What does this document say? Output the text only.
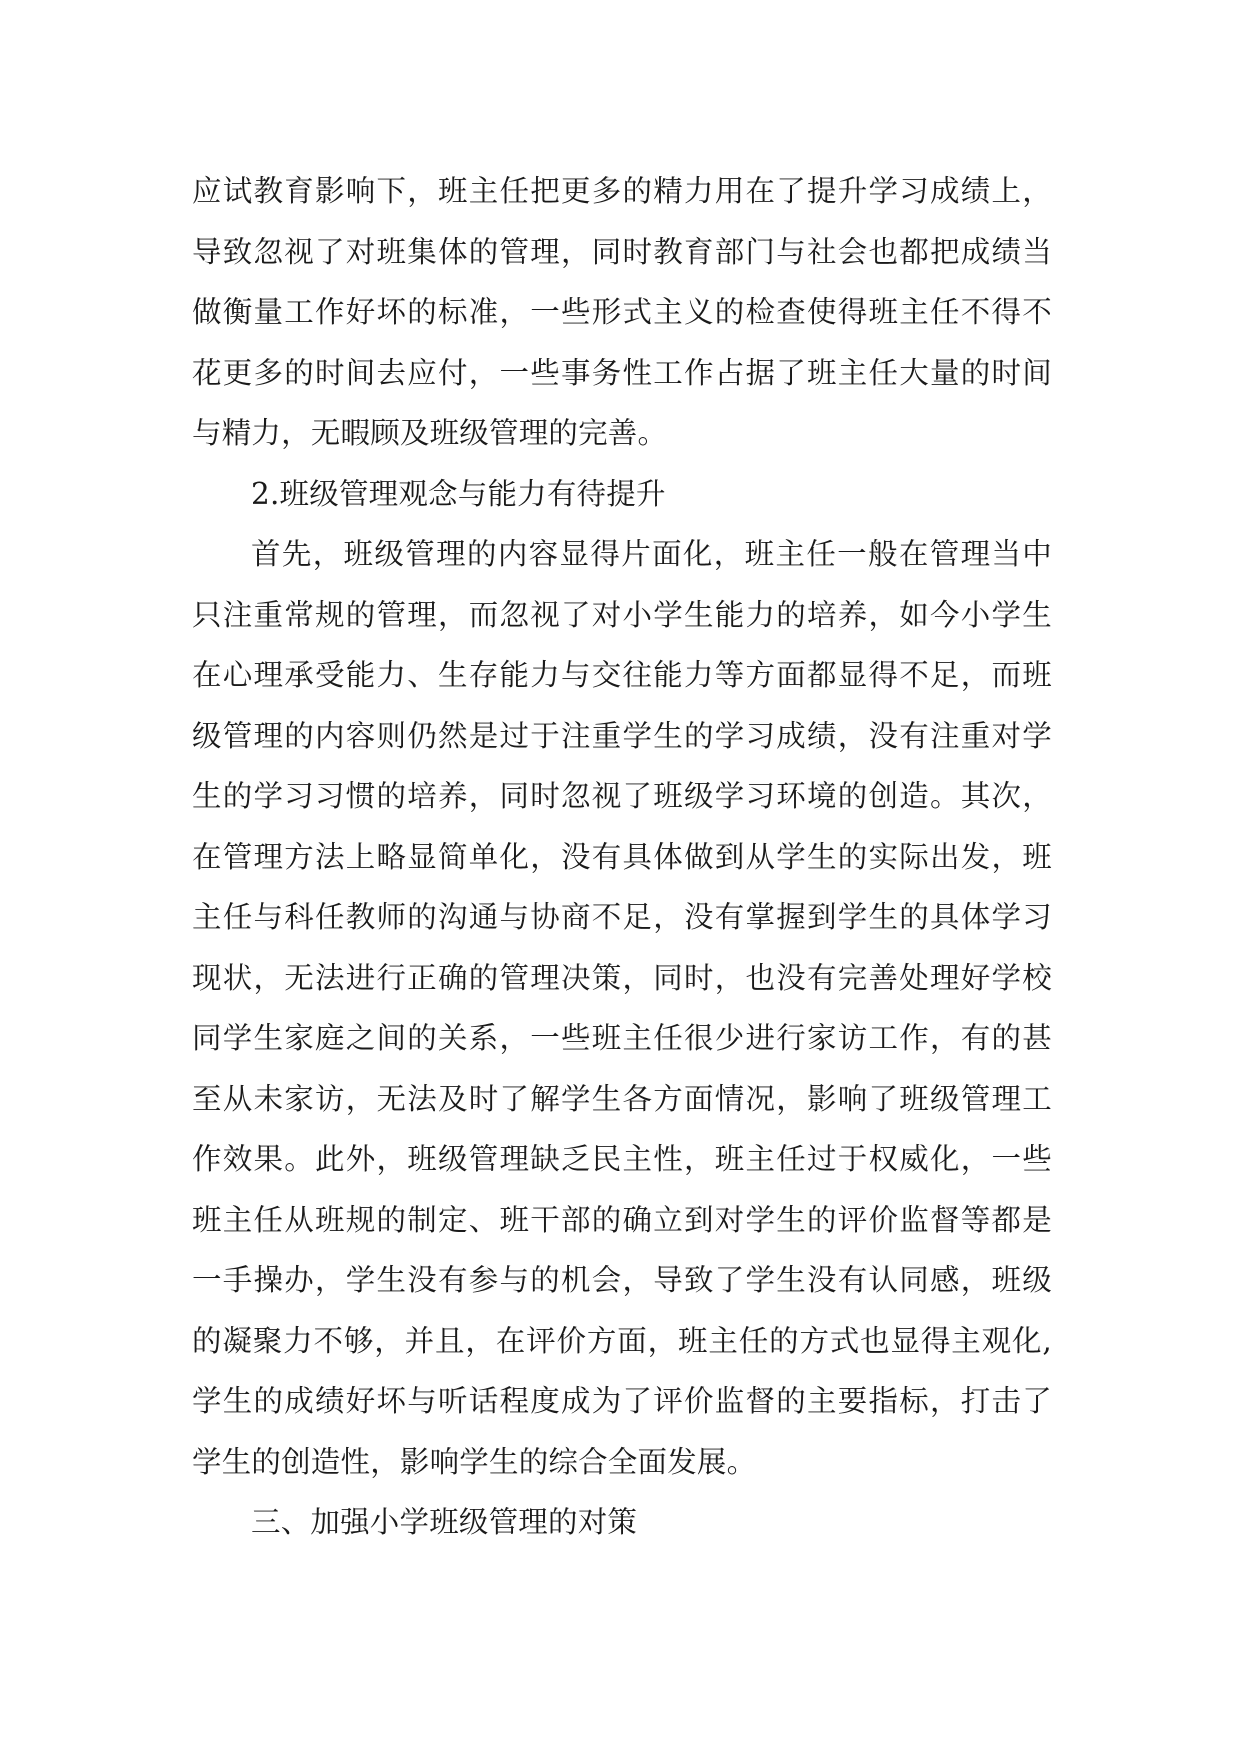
应试教育影响下，班主任把更多的精力用在了提升学习成绩上，导致忽视了对班集体的管理，同时教育部门与社会也都把成绩当做衡量工作好坏的标准，一些形式主义的检查使得班主任不得不花更多的时间去应付，一些事务性工作占据了班主任大量的时间与精力，无暇顾及班级管理的完善。

2.班级管理观念与能力有待提升

首先，班级管理的内容显得片面化，班主任一般在管理当中只注重常规的管理，而忽视了对小学生能力的培养，如今小学生在心理承受能力、生存能力与交往能力等方面都显得不足，而班级管理的内容则仍然是过于注重学生的学习成绩，没有注重对学生的学习习惯的培养，同时忽视了班级学习环境的创造。其次，在管理方法上略显简单化，没有具体做到从学生的实际出发，班主任与科任教师的沟通与协商不足，没有掌握到学生的具体学习现状，无法进行正确的管理决策，同时，也没有完善处理好学校同学生家庭之间的关系，一些班主任很少进行家访工作，有的甚至从未家访，无法及时了解学生各方面情况，影响了班级管理工作效果。此外，班级管理缺乏民主性，班主任过于权威化，一些班主任从班规的制定、班干部的确立到对学生的评价监督等都是一手操办，学生没有参与的机会，导致了学生没有认同感，班级的凝聚力不够，并且，在评价方面，班主任的方式也显得主观化,学生的成绩好坏与听话程度成为了评价监督的主要指标，打击了学生的创造性，影响学生的综合全面发展。

三、加强小学班级管理的对策
